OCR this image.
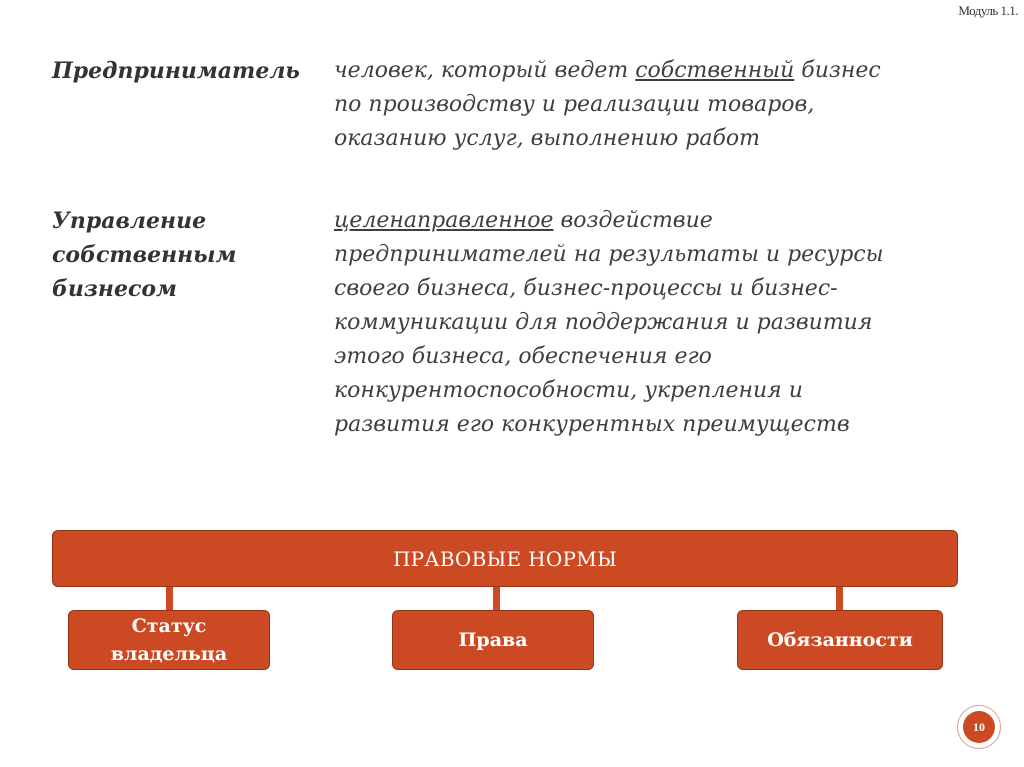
Модуль 1.1.
Предприниматель человек, который ведет собственный бизнес
по производству и реализации товаров,
оказанию услуг, выполнению работ
Управление
собственным
бизнесом
целенаправленное воздействие
предпринимателей на результаты и ресурсы
своего бизнеса, бизнес-процессы и бизнес-
коммуникации для поддержания и развития
этого бизнеса, обеспечения его
конкурентоспособности, укрепления и
развития его конкурентных преимуществ
ПРАВОВЫЕ НОРМЫ
Статус
владельца
Права	Обязанности
10
